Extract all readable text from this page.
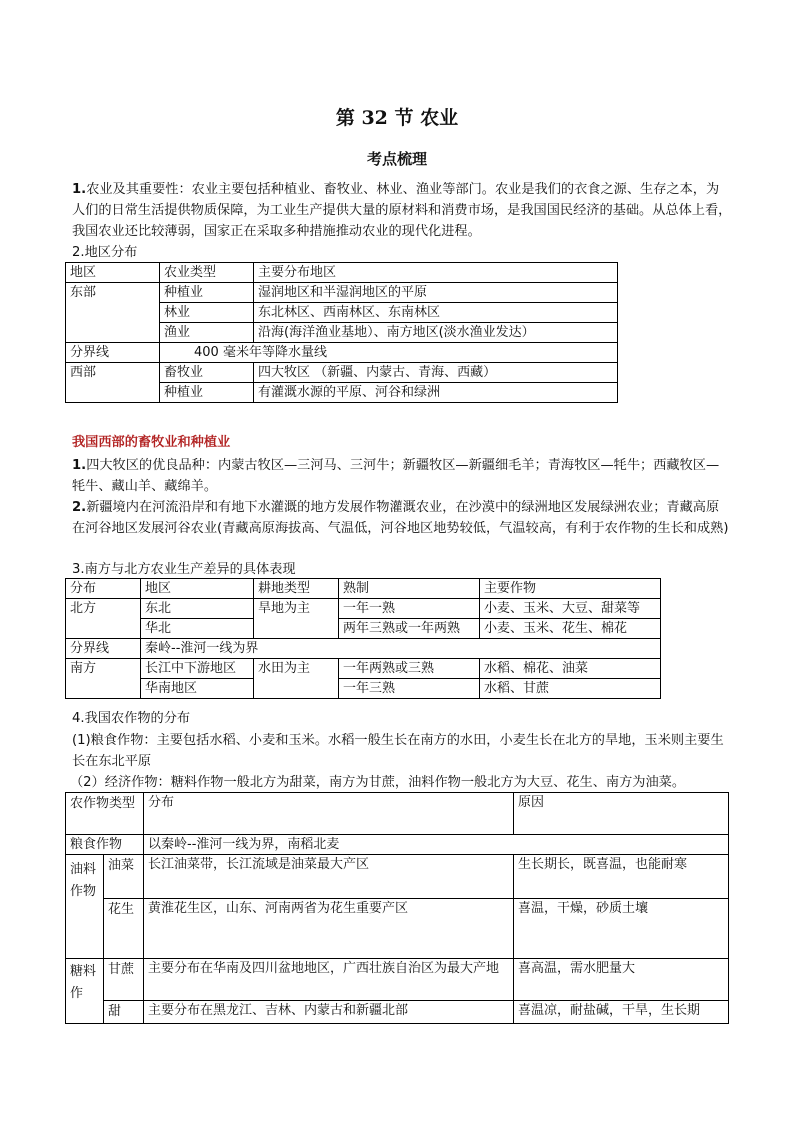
第 32 节 农业
考点梳理
1.农业及其重要性：农业主要包括种植业、畜牧业、林业、渔业等部门。农业是我们的衣食之源、生存之本，为人们的日常生活提供物质保障，为工业生产提供大量的原材料和消费市场，是我国国民经济的基础。从总体上看，我国农业还比较薄弱，国家正在采取多种措施推动农业的现代化进程。
2.地区分布
地区	农业类型	主要分布地区
东部	种植业	湿润地区和半湿润地区的平原
	林业	东北林区、西南林区、东南林区
	渔业	沿海(海洋渔业基地）、南方地区(淡水渔业发达）
分界线	400 毫米年等降水量线	
西部	畜牧业	四大牧区 （新疆、内蒙古、青海、西藏）
	种植业	有灌溉水源的平原、河谷和绿洲
我国西部的畜牧业和种植业
1.四大牧区的优良品种：内蒙古牧区—三河马、三河牛；新疆牧区—新疆细毛羊；青海牧区—牦牛；西藏牧区—牦牛、藏山羊、藏绵羊。
2.新疆境内在河流沿岸和有地下水灌溉的地方发展作物灌溉农业，在沙漠中的绿洲地区发展绿洲农业；青藏高原在河谷地区发展河谷农业(青藏高原海拔高、气温低，河谷地区地势较低，气温较高，有利于农作物的生长和成熟)
3.南方与北方农业生产差异的具体表现
分布	地区	耕地类型	熟制	主要作物
北方	东北	旱地为主	一年一熟	小麦、玉米、大豆、甜菜等
	华北		两年三熟或一年两熟	小麦、玉米、花生、棉花
分界线	秦岭--淮河一线为界			
南方	长江中下游地区	水田为主	一年两熟或三熟	水稻、棉花、油菜
	华南地区		一年三熟	水稻、甘蔗
4.我国农作物的分布
(1)粮食作物：主要包括水稻、小麦和玉米。水稻一般生长在南方的水田，小麦生长在北方的旱地，玉米则主要生长在东北平原
（2）经济作物：糖料作物一般北方为甜菜，南方为甘蔗，油料作物一般北方为大豆、花生、南方为油菜。
农作物类型		分布	原因
粮食作物		以秦岭--淮河一线为界，南稻北麦	
油料作物	油菜	长江油菜带，长江流域是油菜最大产区	生长期长，既喜温，也能耐寒
	花生	黄淮花生区，山东、河南两省为花生重要产区	喜温，干燥，砂质土壤
糖料作	甘蔗	主要分布在华南及四川盆地地区，广西壮族自治区为最大产地	喜高温，需水肥量大
	甜	主要分布在黑龙江、吉林、内蒙古和新疆北部	喜温凉，耐盐碱，干旱，生长期
